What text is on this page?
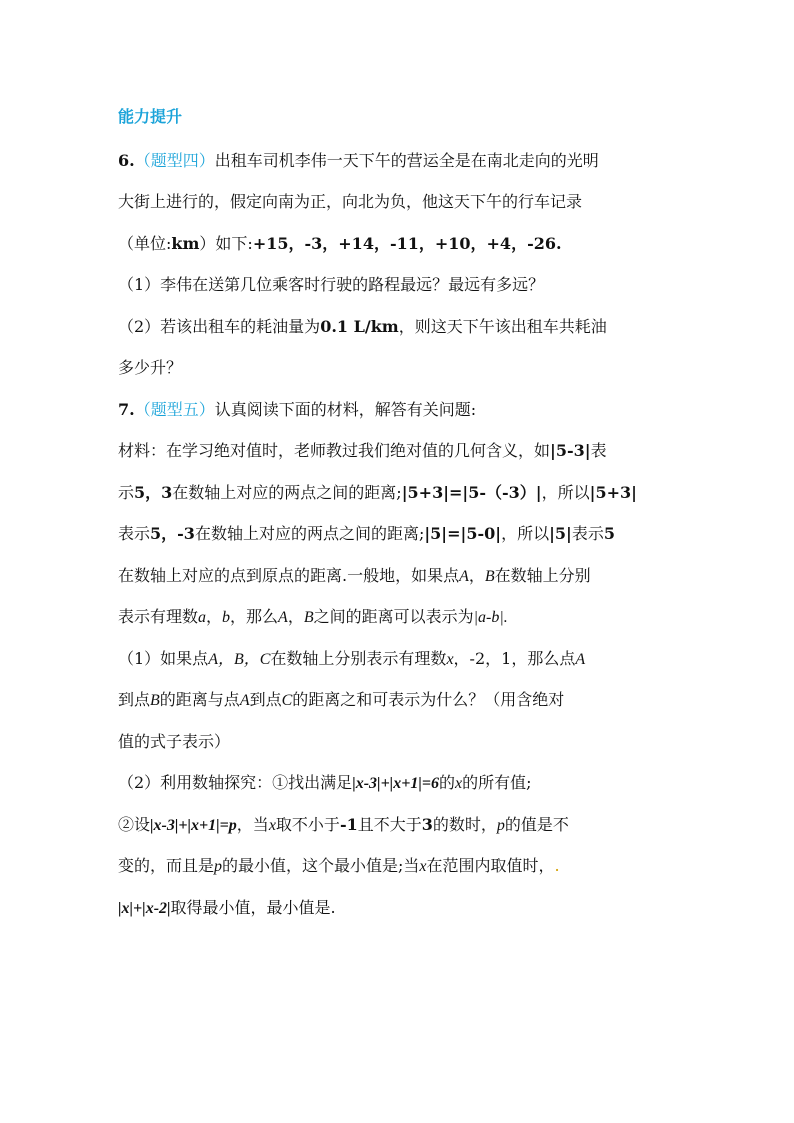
能力提升
6.（题型四）出租车司机李伟一天下午的营运全是在南北走向的光明
大街上进行的，假定向南为正，向北为负，他这天下午的行车记录
（单位:km）如下:+15，-3，+14，-11，+10，+4，-26.
（1）李伟在送第几位乘客时行驶的路程最远？最远有多远？
（2）若该出租车的耗油量为0.1 L/km，则这天下午该出租车共耗油
多少升？
7.（题型五）认真阅读下面的材料，解答有关问题:
材料：在学习绝对值时，老师教过我们绝对值的几何含义，如|5-3|表
示5，3在数轴上对应的两点之间的距离;|5+3|=|5-（-3）|，所以|5+3|
表示5，-3在数轴上对应的两点之间的距离;|5|=|5-0|，所以|5|表示5
在数轴上对应的点到原点的距离.一般地，如果点A，B在数轴上分别
表示有理数a，b，那么A，B之间的距离可以表示为|a-b|.
（1）如果点A，B，C在数轴上分别表示有理数x，-2，1，那么点A
到点B的距离与点A到点C的距离之和可表示为什么？（用含绝对
值的式子表示）
（2）利用数轴探究：①找出满足|x-3|+|x+1|=6的x的所有值;
②设|x-3|+|x+1|=p，当x取不小于-1且不大于3的数时，p的值是不
变的，而且是p的最小值，这个最小值是;当x在范围内取值时，.
|x|+|x-2|取得最小值，最小值是.
